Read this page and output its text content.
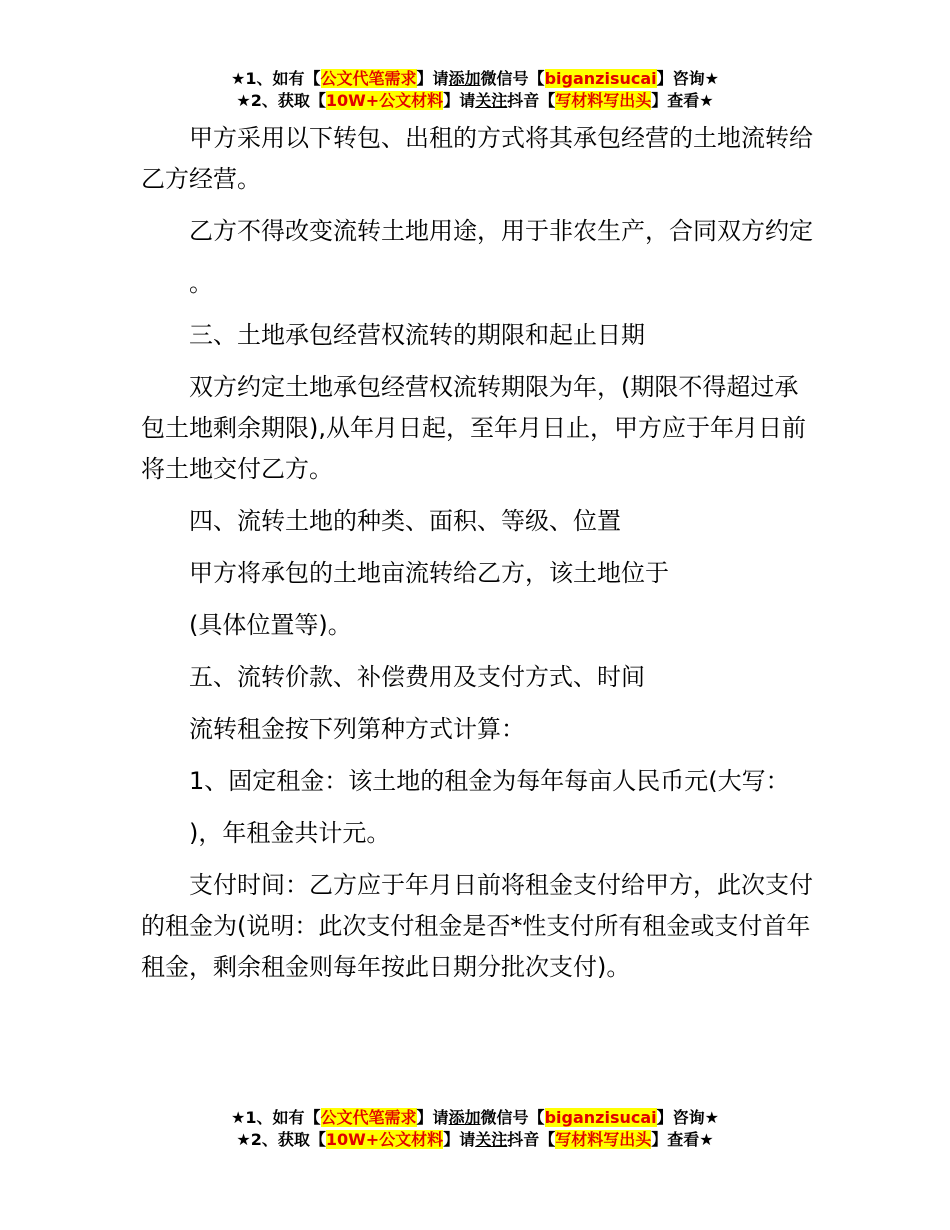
★1、如有【公文代笔需求】请添加微信号【biganzisucai】咨询★
★2、获取【10W+公文材料】请关注抖音【写材料写出头】查看★

甲方采用以下转包、出租的方式将其承包经营的土地流转给乙方经营。

乙方不得改变流转土地用途，用于非农生产，合同双方约定

。

三、土地承包经营权流转的期限和起止日期

双方约定土地承包经营权流转期限为年，(期限不得超过承包土地剩余期限),从年月日起，至年月日止，甲方应于年月日前将土地交付乙方。

四、流转土地的种类、面积、等级、位置

甲方将承包的土地亩流转给乙方，该土地位于

(具体位置等)。

五、流转价款、补偿费用及支付方式、时间

流转租金按下列第种方式计算：

1、固定租金：该土地的租金为每年每亩人民币元(大写：

)，年租金共计元。

支付时间：乙方应于年月日前将租金支付给甲方，此次支付的租金为(说明：此次支付租金是否*性支付所有租金或支付首年租金，剩余租金则每年按此日期分批次支付)。

★1、如有【公文代笔需求】请添加微信号【biganzisucai】咨询★
★2、获取【10W+公文材料】请关注抖音【写材料写出头】查看★
